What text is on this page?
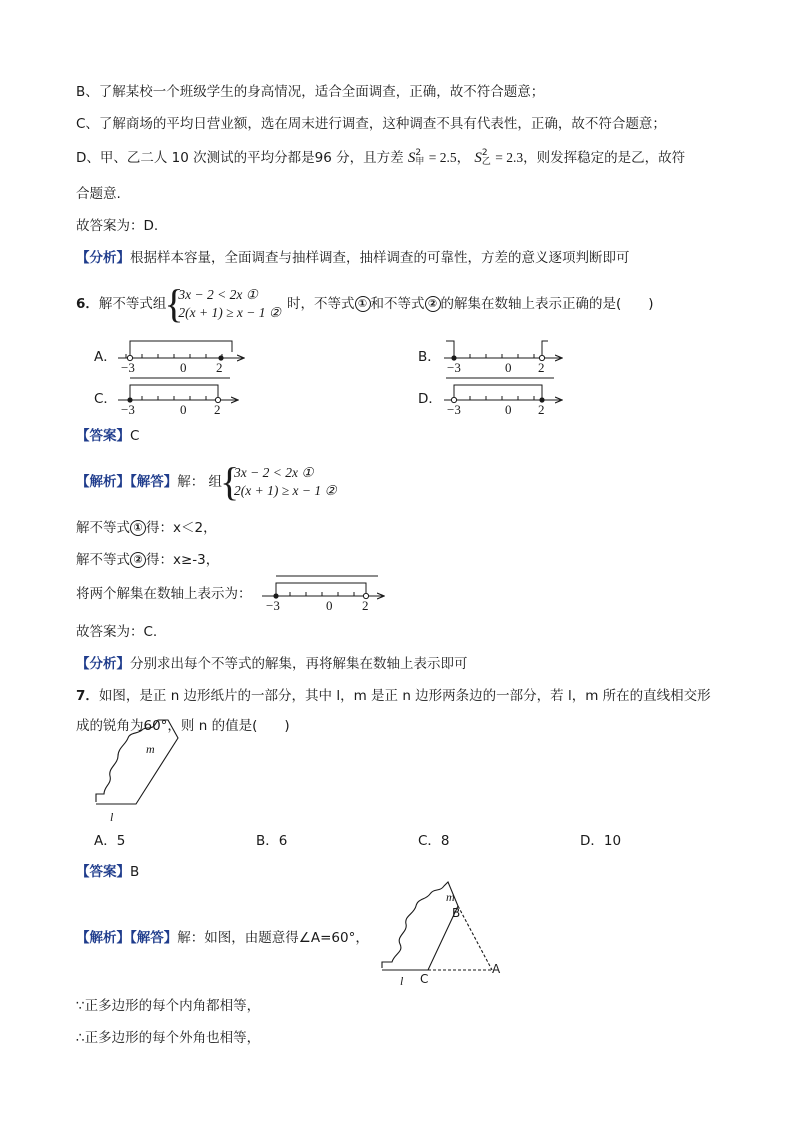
B、了解某校一个班级学生的身高情况，适合全面调查，正确，故不符合题意；
C、了解商场的平均日营业额，选在周末进行调查，这种调查不具有代表性，正确，故不符合题意；
D、甲、乙二人 10 次测试的平均分都是96 分，且方差 S 2
甲 = 2.5， S 2
乙 = 2.3，则发挥稳定的是乙，故符
合题意.
故答案为：D.
【分析】根据样本容量，全面调查与抽样调查，抽样调查的可靠性，方差的意义逐项判断即可
6． 解不等式组
{ 3x − 2 < 2x ①
2(x + 1) ≥ x − 1 ②
时，不等式 ① 和不等式 ② 的解集在数轴上表示正确的是(　　)
A．	B．
C．	D．
−3	0 2	−3	0 2
−3	0 2	−3	0 2
【答案】C
【解析】【解答】 解： 组
{ 3x − 2 < 2x ①
2(x + 1) ≥ x − 1 ②
解不等式 ① 得：x＜2，
解不等式 ② 得：x≥-3，
将两个解集在数轴上表示为：
−3	0 2
故答案为：C.
【分析】分别求出每个不等式的解集，再将解集在数轴上表示即可
7．如图，是正 n 边形纸片的一部分，其中 l，m 是正 n 边形两条边的一部分，若 l，m 所在的直线相交形
成的锐角为60°，则 n 的值是(　　)
m
l
A．5	B．6	C．8	D．10
【答案】B
【解析】【解答】解：如图，由题意得∠A=60°，
m
B
C
A
l
∵正多边形的每个内角都相等，
∴正多边形的每个外角也相等，
